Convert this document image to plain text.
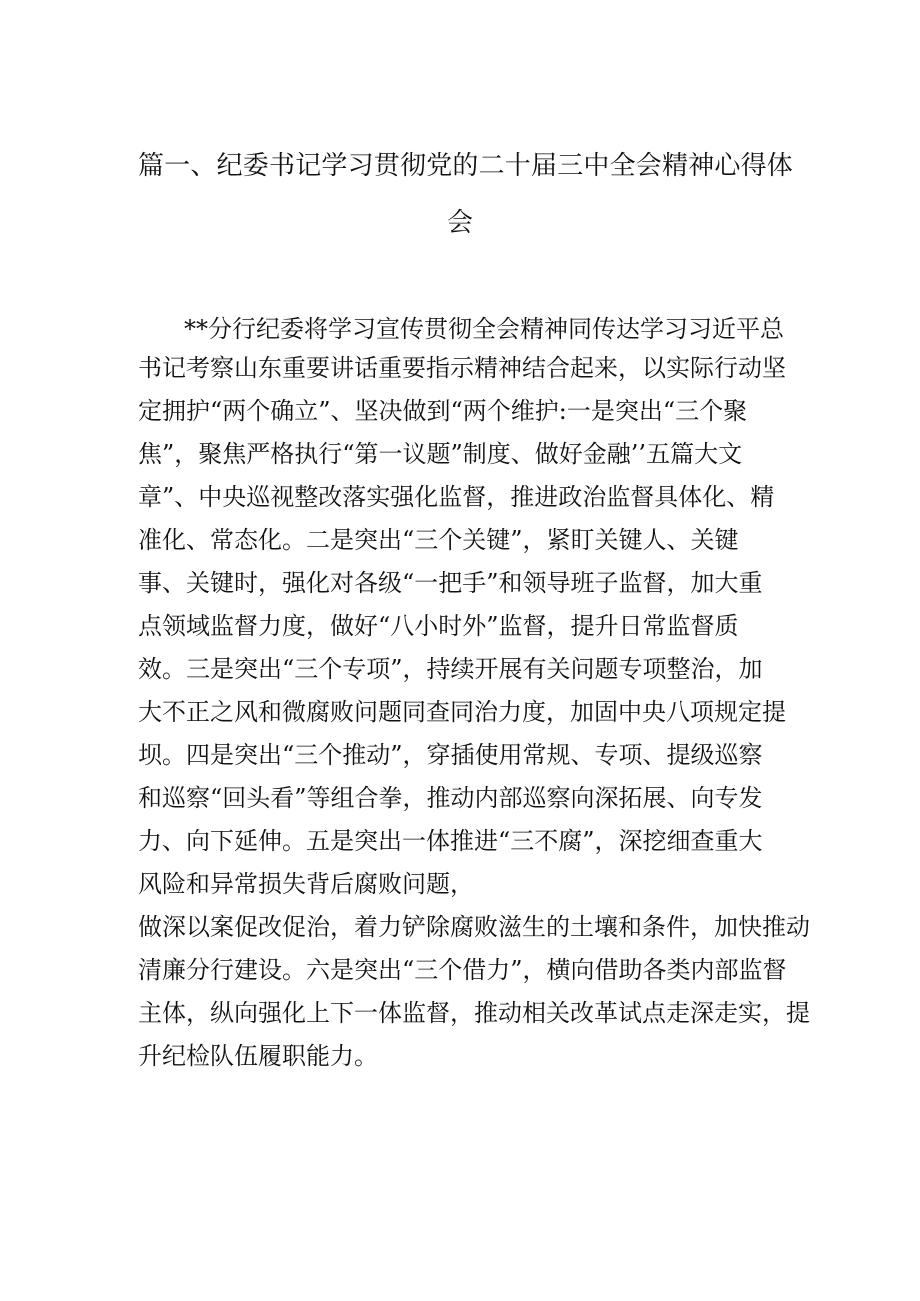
篇一、纪委书记学习贯彻党的二十届三中全会精神心得体
会

**分行纪委将学习宣传贯彻全会精神同传达学习习近平总

书记考察山东重要讲话重要指示精神结合起来，以实际行动坚

定拥护“两个确立”、坚决做到“两个维护:一是突出“三个聚

焦”，聚焦严格执行“第一议题”制度、做好金融’’五篇大文

章”、中央巡视整改落实强化监督，推进政治监督具体化、精

准化、常态化。二是突出“三个关键”，紧盯关键人、关键

事、关键时，强化对各级“一把手”和领导班子监督，加大重

点领域监督力度，做好“八小时外”监督，提升日常监督质

效。三是突出“三个专项”，持续开展有关问题专项整治，加

大不正之风和微腐败问题同查同治力度，加固中央八项规定提

坝。四是突出“三个推动”，穿插使用常规、专项、提级巡察

和巡察“回头看”等组合拳，推动内部巡察向深拓展、向专发

力、向下延伸。五是突出一体推进“三不腐”，深挖细查重大

风险和异常损失背后腐败问题，

做深以案促改促治，着力铲除腐败滋生的土壤和条件，加快推动

清廉分行建设。六是突出“三个借力”，横向借助各类内部监督

主体，纵向强化上下一体监督，推动相关改革试点走深走实，提

升纪检队伍履职能力。
